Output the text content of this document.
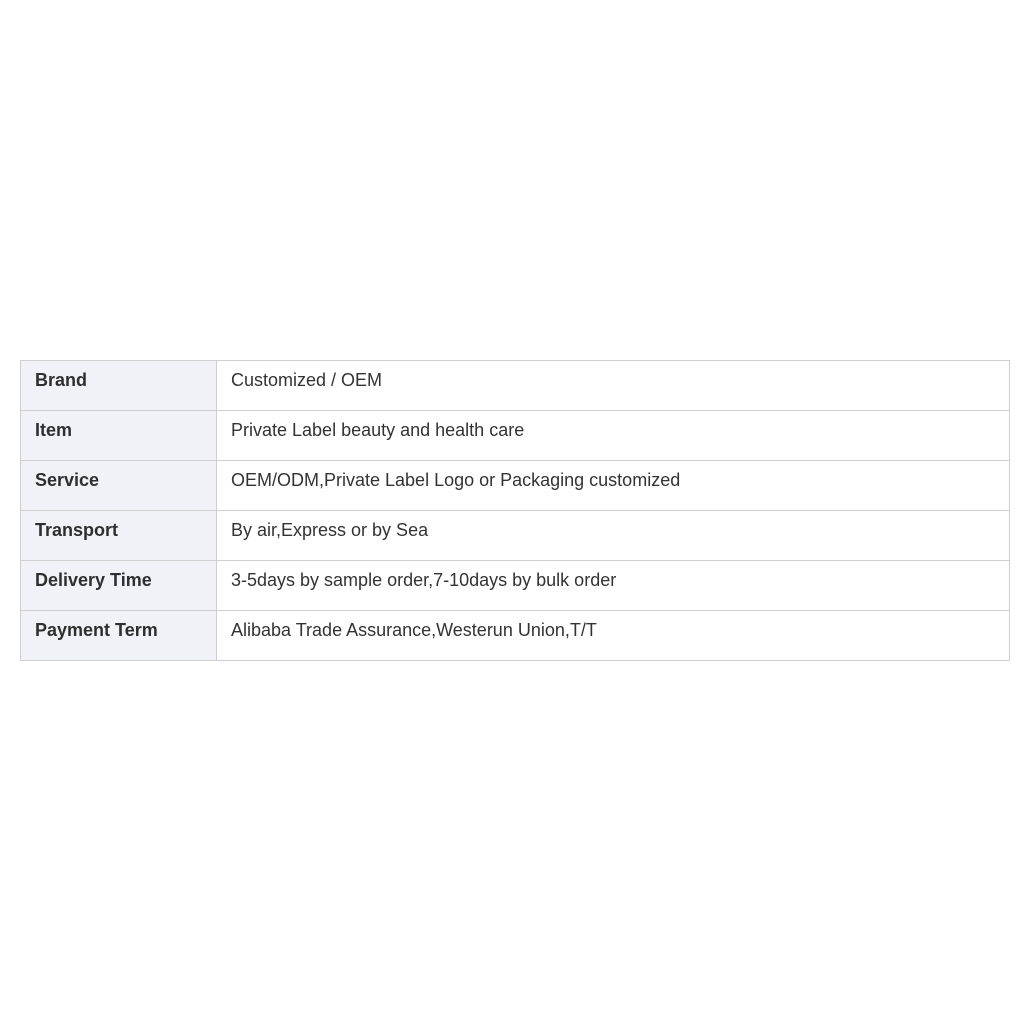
Brand	Customized / OEM
Item	Private Label beauty and health care
Service	OEM/ODM,Private Label Logo or Packaging customized
Transport	By air,Express or by Sea
Delivery Time	3-5days by sample order,7-10days by bulk order
Payment Term	Alibaba Trade Assurance,Westerun Union,T/T
